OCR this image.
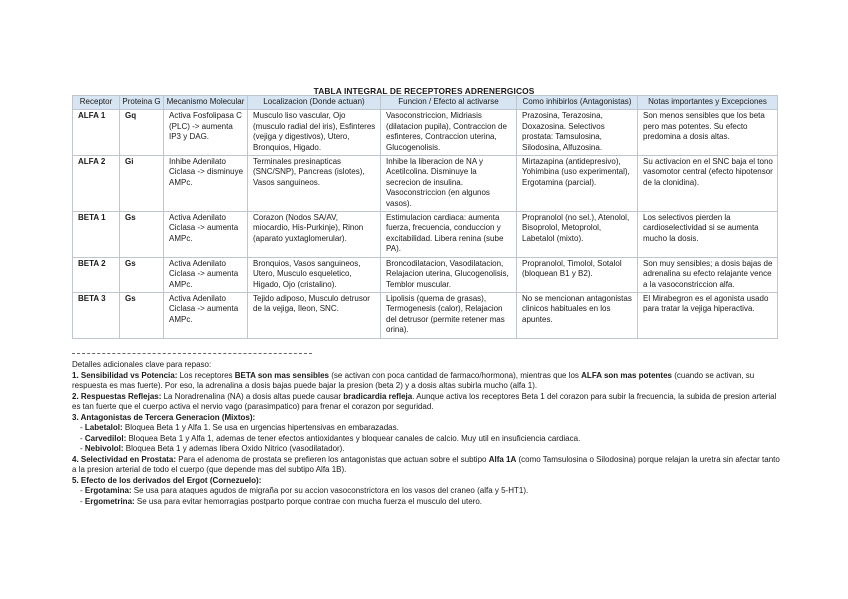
TABLA INTEGRAL DE RECEPTORES ADRENERGICOS
Receptor	Proteina G	Mecanismo Molecular	Localizacion (Donde actuan)	Funcion / Efecto al activarse	Como inhibirlos (Antagonistas)	Notas importantes y Excepciones
ALFA 1	Gq	Activa Fosfolipasa C (PLC) -> aumenta IP3 y DAG.	Musculo liso vascular, Ojo (musculo radial del iris), Esfinteres (vejiga y digestivos), Utero, Bronquios, Higado.	Vasoconstriccion, Midriasis (dilatacion pupila), Contraccion de esfinteres, Contraccion uterina, Glucogenolisis.	Prazosina, Terazosina, Doxazosina. Selectivos prostata: Tamsulosina, Silodosina, Alfuzosina.	Son menos sensibles que los beta pero mas potentes. Su efecto predomina a dosis altas.
ALFA 2	Gi	Inhibe Adenilato Ciclasa -> disminuye AMPc.	Terminales presinapticas (SNC/SNP), Pancreas (islotes), Vasos sanguineos.	Inhibe la liberacion de NA y Acetilcolina. Disminuye la secrecion de insulina. Vasoconstriccion (en algunos vasos).	Mirtazapina (antidepresivo), Yohimbina (uso experimental), Ergotamina (parcial).	Su activacion en el SNC baja el tono vasomotor central (efecto hipotensor de la clonidina).
BETA 1	Gs	Activa Adenilato Ciclasa -> aumenta AMPc.	Corazon (Nodos SA/AV, miocardio, His-Purkinje), Rinon (aparato yuxtaglomerular).	Estimulacion cardiaca: aumenta fuerza, frecuencia, conduccion y excitabilidad. Libera renina (sube PA).	Propranolol (no sel.), Atenolol, Bisoprolol, Metoprolol, Labetalol (mixto).	Los selectivos pierden la cardioselectividad si se aumenta mucho la dosis.
BETA 2	Gs	Activa Adenilato Ciclasa -> aumenta AMPc.	Bronquios, Vasos sanguineos, Utero, Musculo esqueletico, Higado, Ojo (cristalino).	Broncodilatacion, Vasodilatacion, Relajacion uterina, Glucogenolisis, Temblor muscular.	Propranolol, Timolol, Sotalol (bloquean B1 y B2).	Son muy sensibles; a dosis bajas de adrenalina su efecto relajante vence a la vasoconstriccion alfa.
BETA 3	Gs	Activa Adenilato Ciclasa -> aumenta AMPc.	Tejido adiposo, Musculo detrusor de la vejiga, Ileon, SNC.	Lipolisis (quema de grasas), Termogenesis (calor), Relajacion del detrusor (permite retener mas orina).	No se mencionan antagonistas clinicos habituales en los apuntes.	El Mirabegron es el agonista usado para tratar la vejiga hiperactiva.

Detalles adicionales clave para repaso:

1. Sensibilidad vs Potencia: Los receptores BETA son mas sensibles (se activan con poca cantidad de farmaco/hormona), mientras que los ALFA son mas potentes (cuando se activan, su respuesta es mas fuerte). Por eso, la adrenalina a dosis bajas puede bajar la presion (beta 2) y a dosis altas subirla mucho (alfa 1).

2. Respuestas Reflejas: La Noradrenalina (NA) a dosis altas puede causar bradicardia refleja. Aunque activa los receptores Beta 1 del corazon para subir la frecuencia, la subida de presion arterial es tan fuerte que el cuerpo activa el nervio vago (parasimpatico) para frenar el corazon por seguridad.

3. Antagonistas de Tercera Generacion (Mixtos):

- Labetalol: Bloquea Beta 1 y Alfa 1. Se usa en urgencias hipertensivas en embarazadas.

- Carvedilol: Bloquea Beta 1 y Alfa 1, ademas de tener efectos antioxidantes y bloquear canales de calcio. Muy util en insuficiencia cardiaca.

- Nebivolol: Bloquea Beta 1 y ademas libera Oxido Nitrico (vasodilatador).

4. Selectividad en Prostata: Para el adenoma de prostata se prefieren los antagonistas que actuan sobre el subtipo Alfa 1A (como Tamsulosina o Silodosina) porque relajan la uretra sin afectar tanto a la presion arterial de todo el cuerpo (que depende mas del subtipo Alfa 1B).

5. Efecto de los derivados del Ergot (Cornezuelo):

- Ergotamina: Se usa para ataques agudos de migraña por su accion vasoconstrictora en los vasos del craneo (alfa y 5-HT1).

- Ergometrina: Se usa para evitar hemorragias postparto porque contrae con mucha fuerza el musculo del utero.
